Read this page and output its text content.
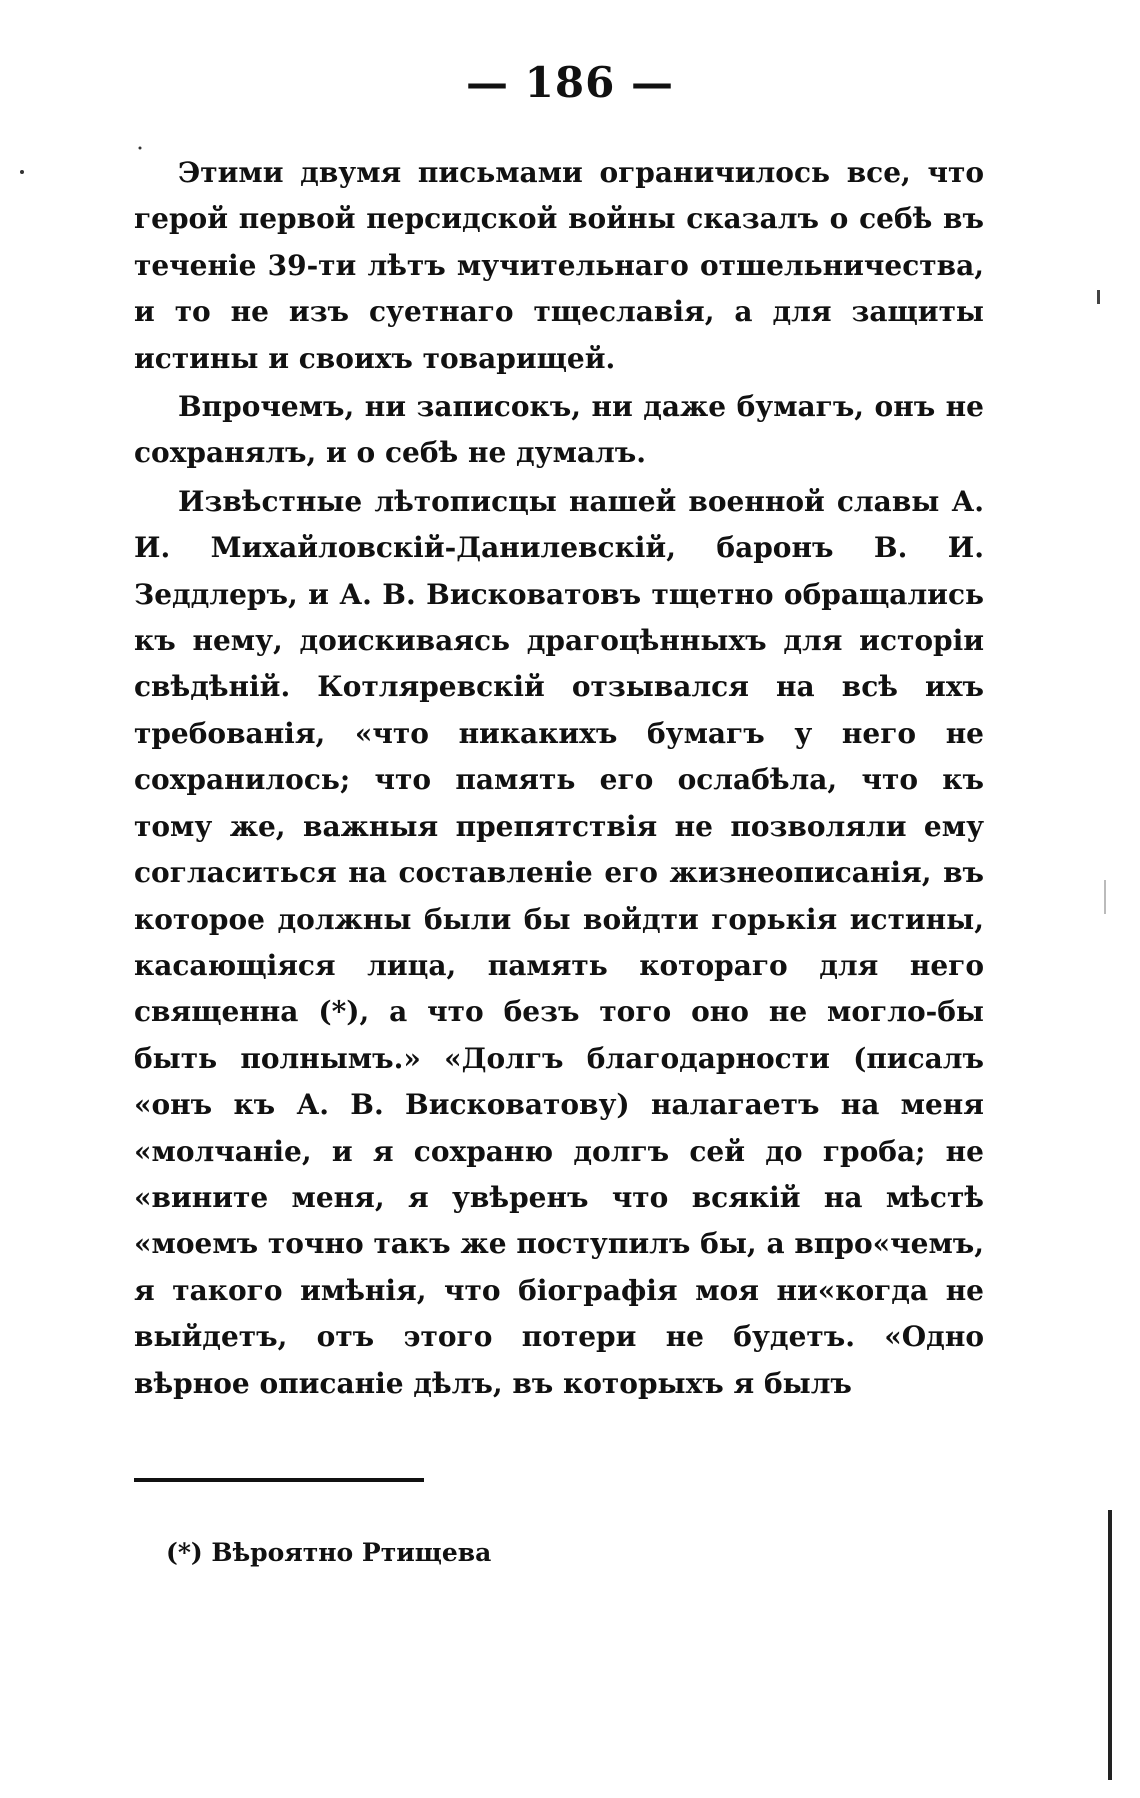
— 186 —

Этими двумя письмами ограничилось все, что герой первой персидской войны сказалъ о себѣ въ теченіе 39-ти лѣтъ мучительнаго отшельничества, и то не изъ суетнаго тщеславія, а для защиты истины и своихъ товарищей.

Впрочемъ, ни записокъ, ни даже бумагъ, онъ не сохранялъ, и о себѣ не думалъ.

Извѣстные лѣтописцы нашей военной славы А. И. Михайловскій-Данилевскій, баронъ В. И. Зеддлеръ, и А. В. Висковатовъ тщетно обращались къ нему, доискиваясь драгоцѣнныхъ для исторіи свѣдѣній. Котляревскій отзывался на всѣ ихъ требованія, «что никакихъ бумагъ у него не сохранилось; что память его ослабѣла, что къ тому же, важныя препятствія не позволяли ему согласиться на составленіе его жизнеописанія, въ которое должны были бы войдти горькія истины, касающіяся лица, память котораго для него священна (*), а что безъ того оно не могло-бы быть полнымъ.» «Долгъ благодарности (писалъ «онъ къ А. В. Висковатову) налагаетъ на меня «молчаніе, и я сохраню долгъ сей до гроба; не «вините меня, я увѣренъ что всякій на мѣстѣ «моемъ точно такъ же поступилъ бы, а впро«чемъ, я такого имѣнія, что біографія моя ни«когда не выйдетъ, отъ этого потери не будетъ. «Одно вѣрное описаніе дѣлъ, въ которыхъ я былъ

(*) Вѣроятно Ртищева
